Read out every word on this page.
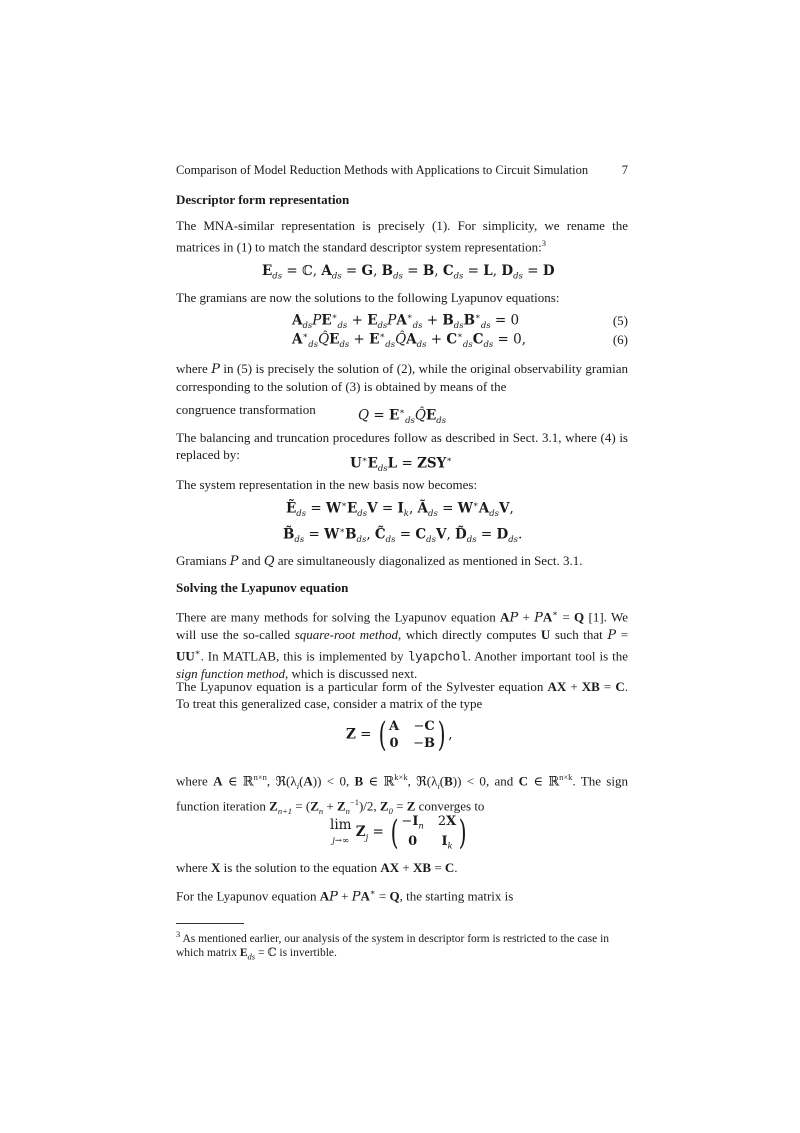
Comparison of Model Reduction Methods with Applications to Circuit Simulation	7
Descriptor form representation

The MNA-similar representation is precisely (1). For simplicity, we rename the matrices in (1) to match the standard descriptor system representation:$^3$

$E_{ds}$ = ℂ, $A_{ds} = G$, $B_{ds} = B$, $C_{ds} = L$, $D_{ds} = D$

The gramians are now the solutions to the following Lyapunov equations:

$A_{ds}PE^∗_{ds} + E_{ds}PA^∗_{ds} + B_{ds}B^∗_{ds} = 0$	(5)
$A^∗_{ds}Q̂E_{ds}$ + $E^∗_{ds}Q̂A_{ds} + C^∗_{ds}C_{ds} = 0$,	(6)

where P in (5) is precisely the solution of (2), while the original observability gramian corresponding to the solution of (3) is obtained by means of the

congruence transformation	$Q = E^∗_{ds}Q̂E_{ds}$

The balancing and truncation procedures follow as described in Sect. 3.1, where (4) is replaced by:

$U^∗E_{ds}L = ZSY^∗$

The system representation in the new basis now becomes:

Ẽ$_{ds}$ = $W^∗E_{ds}V = I_k$, $Ã_{ds} = W^∗A_{ds}V$,
$B̃_{ds} = W^∗B_{ds}$, $C̃_{ds} = C_{ds}V$, $D̃_{ds} = D_{ds}$.

Gramians P and Q are simultaneously diagonalized as mentioned in Sect. 3.1.

Solving the Lyapunov equation

There are many methods for solving the Lyapunov equation AP + PA∗ = Q [1]. We will use the so-called square-root method, which directly computes U such that P = UU∗. In MATLAB, this is implemented by lyapchol. Another important tool is the sign function method, which is discussed next.

The Lyapunov equation is a particular form of the Sylvester equation AX + XB = C. To treat this generalized case, consider a matrix of the type

Z = ( A −C
0 −B ) ,

where A ∈ ℝ$^{n\times n}$, $ℜ(\lambda_i(A)) < 0$, B ∈ ℝ$^{k\times k}$, $ℜ(\lambda_i(B)) < 0$, and C ∈ ℝ$^{n\times k}$. The sign function iteration $Z_{n+1} = (Z_n + Z_n^{-1})/2$, $Z_0 = Z$ converges to

lim
j→∞ $Z_j$ = ( $-I_n$ 2X
0	$I_k$ )

where X is the solution to the equation AX + XB = C.

For the Lyapunov equation AP + PA∗ = Q, the starting matrix is

$^3$ As mentioned earlier, our analysis of the system in descriptor form is restricted to the case in which matrix $E_{ds}$ = ℂ is invertible.
